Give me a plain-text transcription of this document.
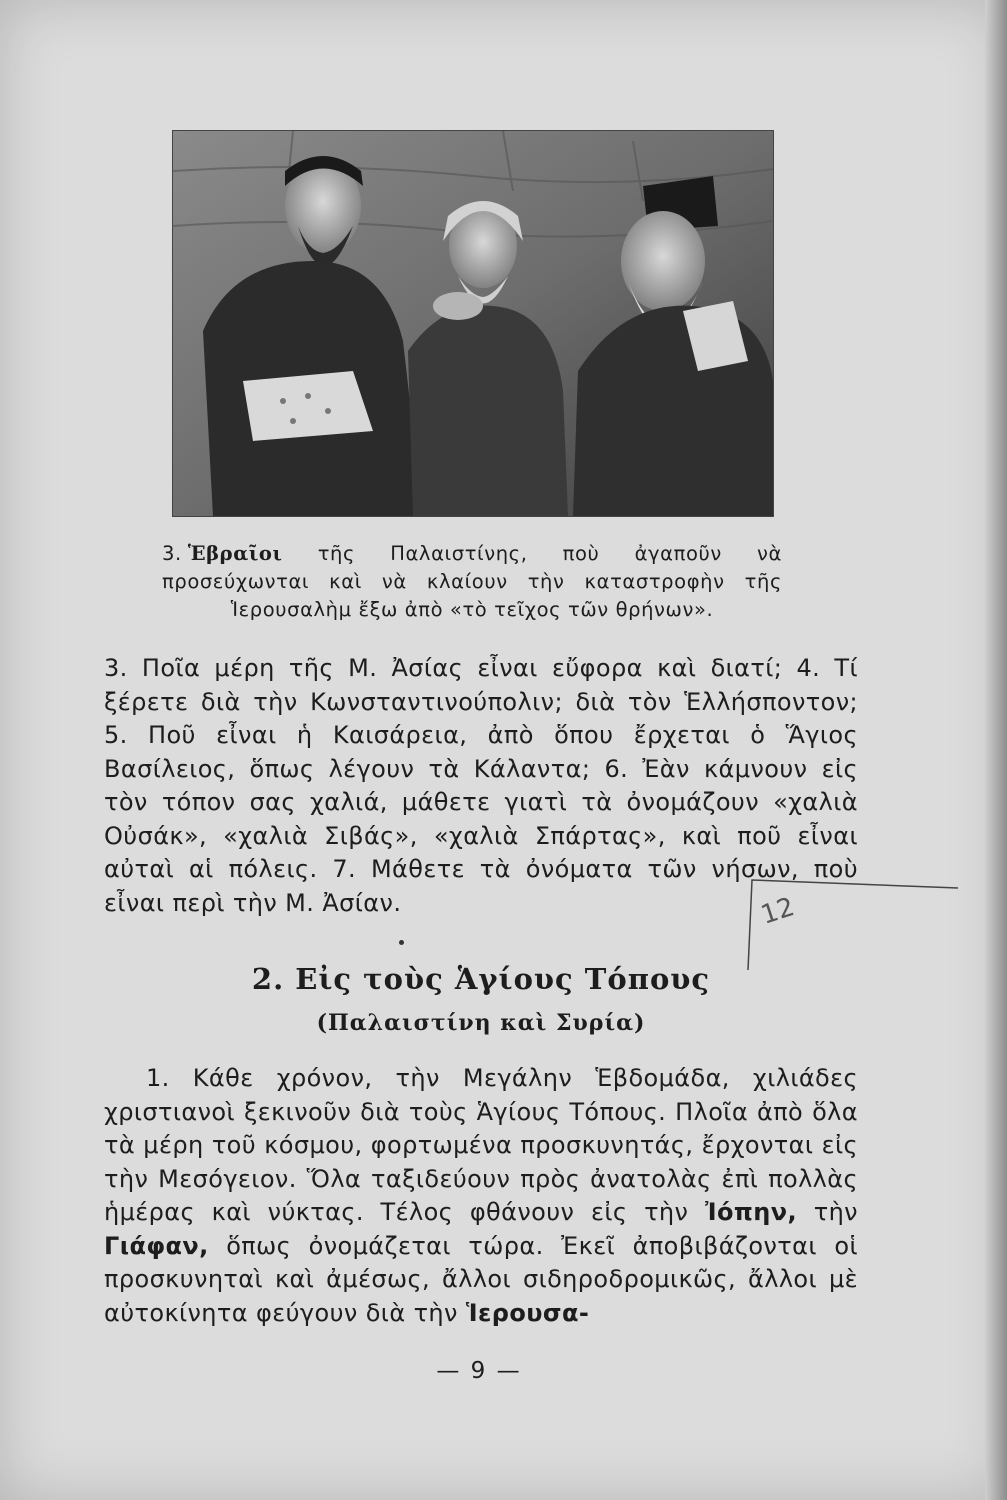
3. Ἑβραῖοι τῆς Παλαιστίνης, ποὺ ἀγαποῦν νὰ προσεύχωνται καὶ νὰ κλαίουν τὴν καταστροφὴν τῆς Ἱερουσαλὴμ ἔξω ἀπὸ «τὸ τεῖχος τῶν θρήνων».
3. Ποῖα μέρη τῆς Μ. Ἀσίας εἶναι εὔφορα καὶ διατί; 4. Τί ξέρετε διὰ τὴν Κωνσταντινούπολιν; διὰ τὸν Ἑλλήσποντον; 5. Ποῦ εἶναι ἡ Καισάρεια, ἀπὸ ὅπου ἔρχεται ὁ Ἅγιος Βασίλειος, ὅπως λέγουν τὰ Κάλαντα; 6. Ἐὰν κάμνουν εἰς τὸν τόπον σας χαλιά, μάθετε γιατὶ τὰ ὀνομάζουν «χαλιὰ Οὐσάκ», «χαλιὰ Σιβάς», «χαλιὰ Σπάρτας», καὶ ποῦ εἶναι αὐταὶ αἱ πόλεις. 7. Μάθετε τὰ ὀνόματα τῶν νήσων, ποὺ εἶναι περὶ τὴν Μ. Ἀσίαν.	12
2. Εἰς τοὺς Ἁγίους Τόπους
(Παλαιστίνη καὶ Συρία)
1. Κάθε χρόνον, τὴν Μεγάλην Ἑβδομάδα, χιλιάδες χριστιανοὶ ξεκινοῦν διὰ τοὺς Ἁγίους Τόπους. Πλοῖα ἀπὸ ὅλα τὰ μέρη τοῦ κόσμου, φορτωμένα προσκυνητάς, ἔρχονται εἰς τὴν Μεσόγειον. Ὅλα ταξιδεύουν πρὸς ἀνατολὰς ἐπὶ πολλὰς ἡμέρας καὶ νύκτας. Τέλος φθάνουν εἰς τὴν Ἰόπην, τὴν Γιάφαν, ὅπως ὀνομάζεται τώρα. Ἐκεῖ ἀποβιβάζονται οἱ προσκυνηταὶ καὶ ἀμέσως, ἄλλοι σιδηροδρομικῶς, ἄλλοι μὲ αὐτοκίνητα φεύγουν διὰ τὴν Ἱερουσα-
— 9 —
